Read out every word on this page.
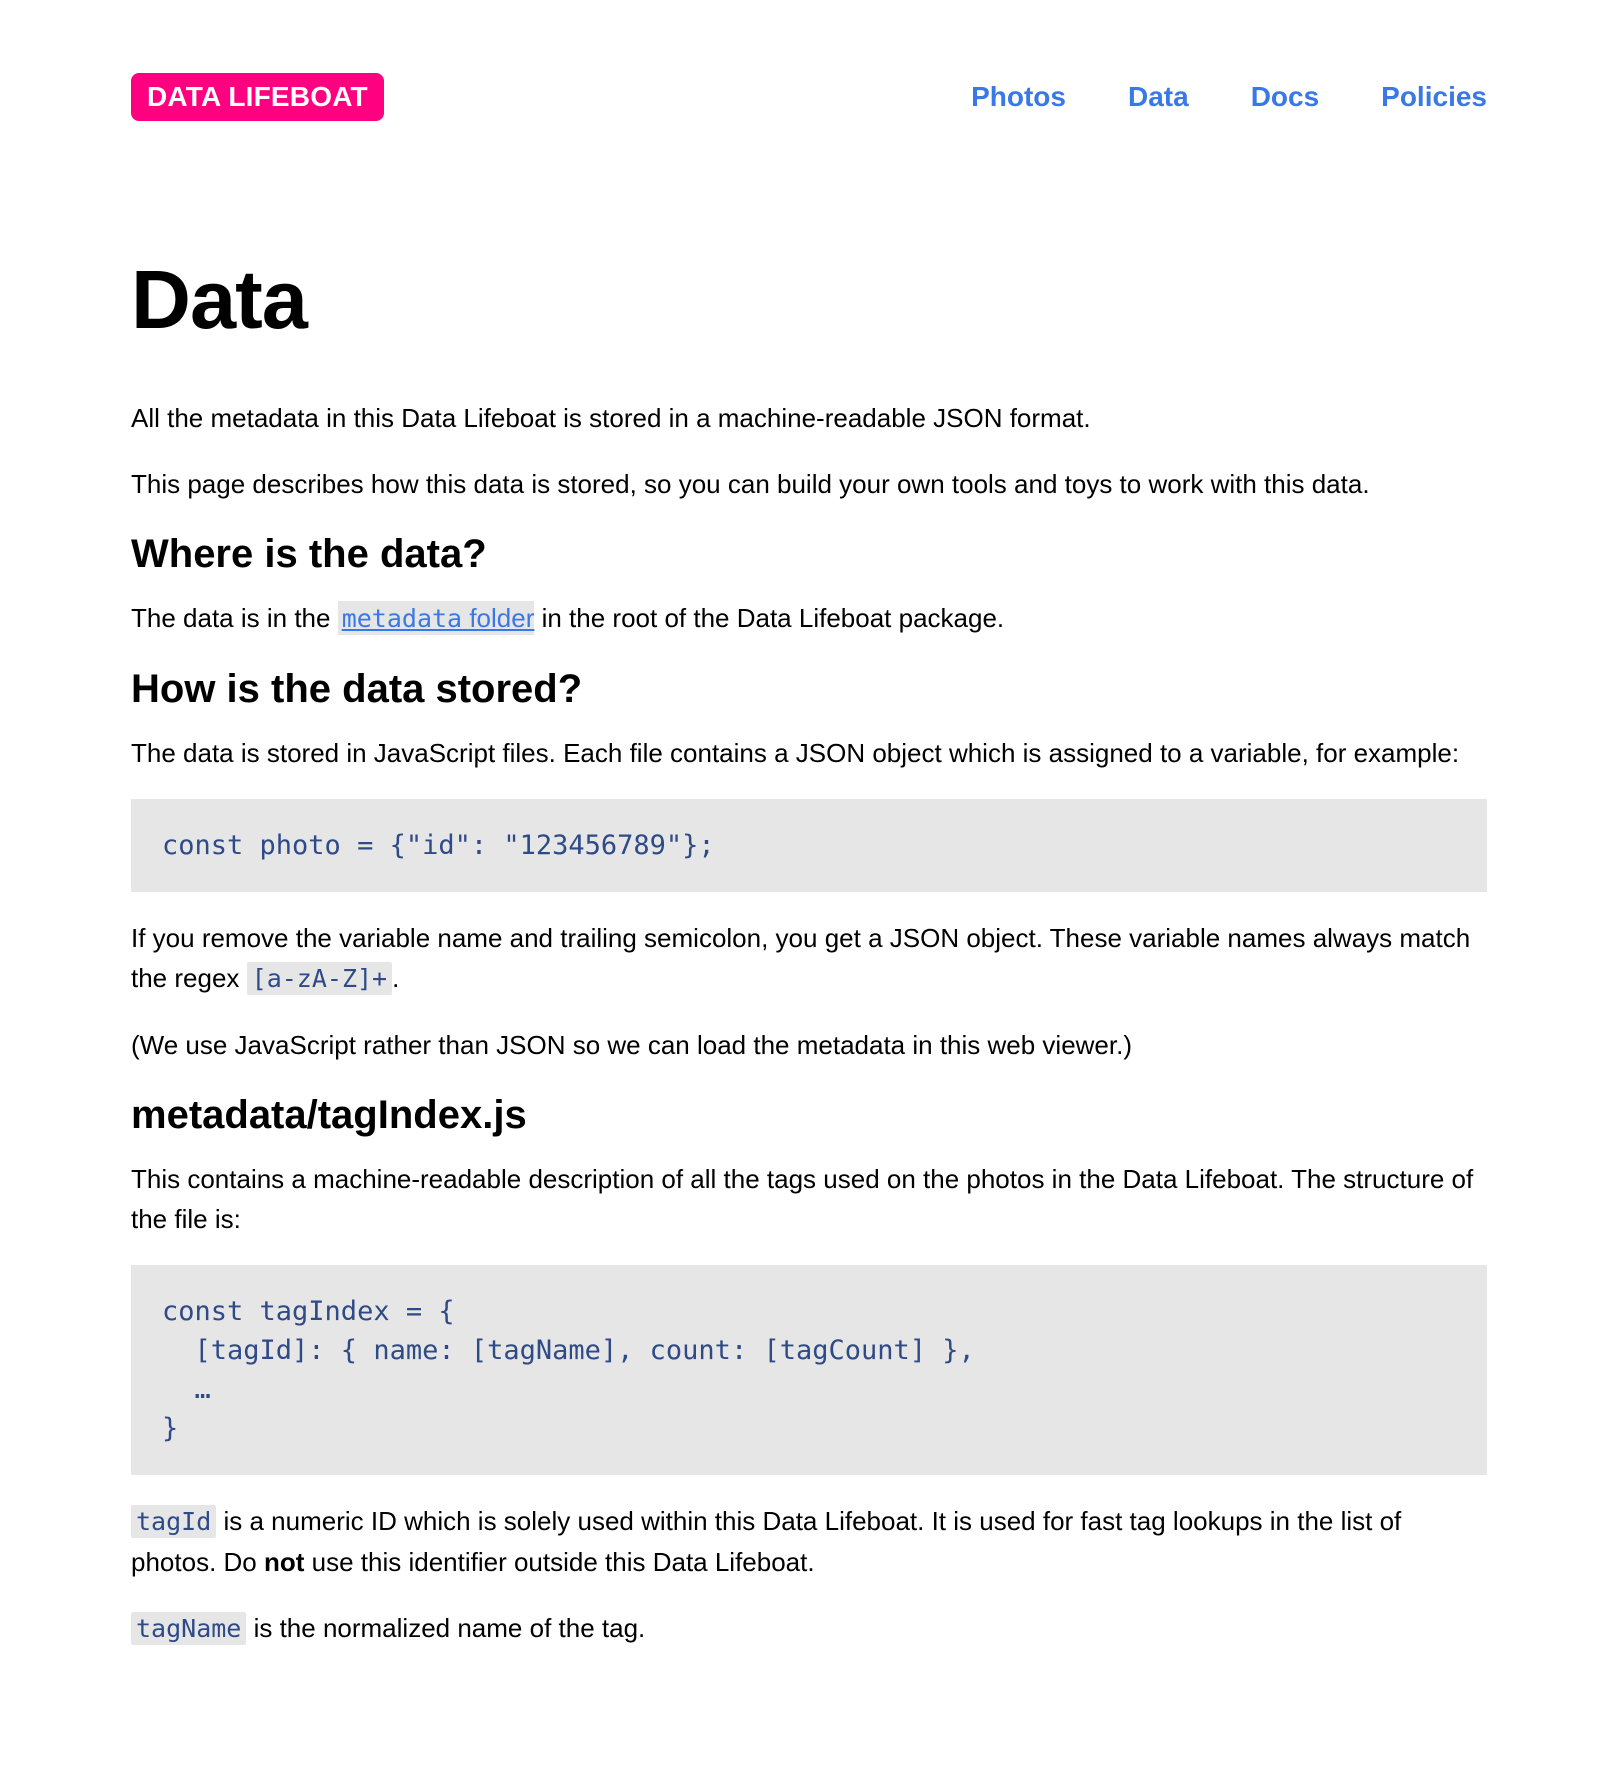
DATA LIFEBOAT	Photos Data Docs Policies
Data

All the metadata in this Data Lifeboat is stored in a machine-readable JSON format.

This page describes how this data is stored, so you can build your own tools and toys to work with this data.

Where is the data?

The data is in the metadata folder in the root of the Data Lifeboat package.

How is the data stored?

The data is stored in JavaScript files. Each file contains a JSON object which is assigned to a variable, for example:

const photo = {"id": "123456789"};

If you remove the variable name and trailing semicolon, you get a JSON object. These variable names always match the regex [a-zA-Z]+ .

(We use JavaScript rather than JSON so we can load the metadata in this web viewer.)

metadata/tagIndex.js

This contains a machine-readable description of all the tags used on the photos in the Data Lifeboat. The structure of the file is:

const tagIndex = {
[tagId]: { name: [tagName], count: [tagCount] },
…
}

tagId is a numeric ID which is solely used within this Data Lifeboat. It is used for fast tag lookups in the list of photos. Do not use this identifier outside this Data Lifeboat.

tagName is the normalized name of the tag.
